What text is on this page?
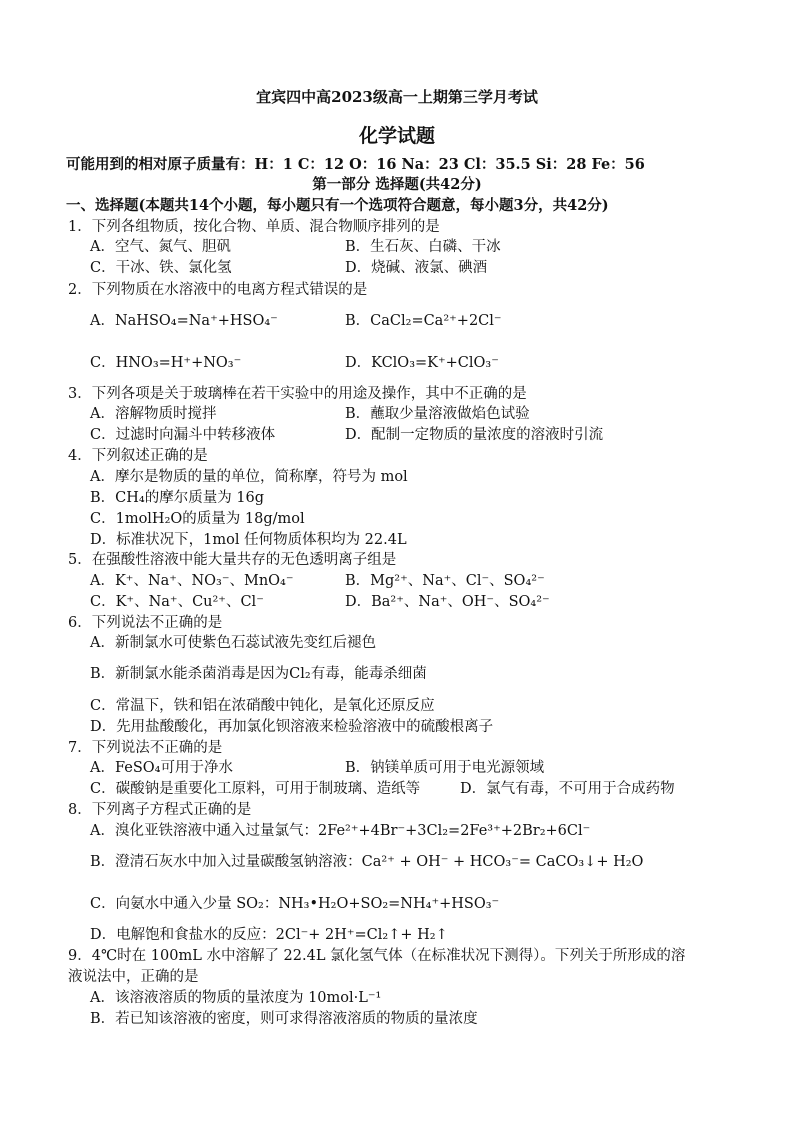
宜宾四中高2023级高一上期第三学月考试
化学试题
可能用到的相对原子质量有：H：1 C：12 O：16 Na：23 Cl：35.5 Si：28 Fe：56
第一部分 选择题(共42分)
一、选择题(本题共14个小题，每小题只有一个选项符合题意，每小题3分，共42分)
1．下列各组物质，按化合物、单质、混合物顺序排列的是
A．空气、氮气、胆矾	B．生石灰、白磷、干冰
C．干冰、铁、氯化氢	D．烧碱、液氯、碘酒
2．下列物质在水溶液中的电离方程式错误的是
A．NaHSO₄=Na⁺+HSO₄⁻	B．CaCl₂=Ca²⁺+2Cl⁻
C．HNO₃=H⁺+NO₃⁻	D．KClO₃=K⁺+ClO₃⁻
3．下列各项是关于玻璃棒在若干实验中的用途及操作，其中不正确的是
A．溶解物质时搅拌	B．蘸取少量溶液做焰色试验
C．过滤时向漏斗中转移液体	D．配制一定物质的量浓度的溶液时引流
4．下列叙述正确的是
A．摩尔是物质的量的单位，简称摩，符号为 mol
B．CH₄的摩尔质量为 16g
C．1molH₂O的质量为 18g/mol
D．标准状况下，1mol 任何物质体积均为 22.4L
5．在强酸性溶液中能大量共存的无色透明离子组是
A．K⁺、Na⁺、NO₃⁻、MnO₄⁻	B．Mg²⁺、Na⁺、Cl⁻、SO₄²⁻
C．K⁺、Na⁺、Cu²⁺、Cl⁻	D．Ba²⁺、Na⁺、OH⁻、SO₄²⁻
6．下列说法不正确的是
A．新制氯水可使紫色石蕊试液先变红后褪色
B．新制氯水能杀菌消毒是因为Cl₂有毒，能毒杀细菌
C．常温下，铁和铝在浓硝酸中钝化，是氧化还原反应
D．先用盐酸酸化，再加氯化钡溶液来检验溶液中的硫酸根离子
7．下列说法不正确的是
A．FeSO₄可用于净水	B．钠镁单质可用于电光源领域
C．碳酸钠是重要化工原料，可用于制玻璃、造纸等	D．氯气有毒，不可用于合成药物
8．下列离子方程式正确的是
A．溴化亚铁溶液中通入过量氯气：2Fe²⁺+4Br⁻+3Cl₂=2Fe³⁺+2Br₂+6Cl⁻
B．澄清石灰水中加入过量碳酸氢钠溶液：Ca²⁺ + OH⁻ + HCO₃⁻= CaCO₃↓+ H₂O
C．向氨水中通入少量 SO₂：NH₃•H₂O+SO₂=NH₄⁺+HSO₃⁻
D．电解饱和食盐水的反应：2Cl⁻+ 2H⁺=Cl₂↑+ H₂↑
9．4℃时在 100mL 水中溶解了 22.4L 氯化氢气体（在标准状况下测得）。下列关于所形成的溶
液说法中，正确的是
A．该溶液溶质的物质的量浓度为 10mol·L⁻¹
B．若已知该溶液的密度，则可求得溶液溶质的物质的量浓度
